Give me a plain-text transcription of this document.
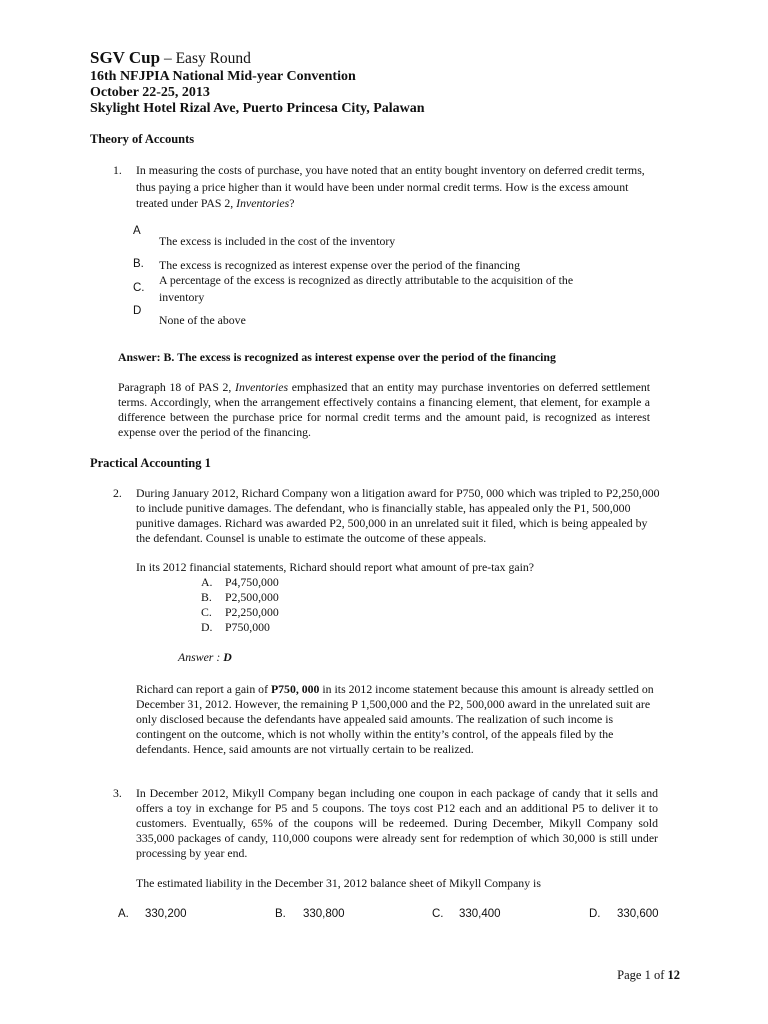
SGV Cup – Easy Round
16th NFJPIA National Mid-year Convention
October 22-25, 2013
Skylight Hotel Rizal Ave, Puerto Princesa City, Palawan
Theory of Accounts
1. In measuring the costs of purchase, you have noted that an entity bought inventory on deferred credit terms,
thus paying a price higher than it would have been under normal credit terms. How is the excess amount
treated under PAS 2, Inventories?
A
The excess is included in the cost of the inventory
B. The excess is recognized as interest expense over the period of the financing
C.
A percentage of the excess is recognized as directly attributable to the acquisition of the
inventory
D
None of the above
Answer: B. The excess is recognized as interest expense over the period of the financing
Paragraph 18 of PAS 2, Inventories emphasized that an entity may purchase inventories on deferred settlement terms. Accordingly, when the arrangement effectively contains a financing element, that element, for example a difference between the purchase price for normal credit terms and the amount paid, is recognized as interest expense over the period of the financing.
Practical Accounting 1
2. During January 2012, Richard Company won a litigation award for P750, 000 which was tripled to P2,250,000 to include punitive damages. The defendant, who is financially stable, has appealed only the P1, 500,000 punitive damages. Richard was awarded P2, 500,000 in an unrelated suit it filed, which is being appealed by the defendant. Counsel is unable to estimate the outcome of these appeals.
In its 2012 financial statements, Richard should report what amount of pre-tax gain?
A. P4,750,000
B. P2,500,000
C. P2,250,000
D. P750,000
Answer : D
Richard can report a gain of P750, 000 in its 2012 income statement because this amount is already settled on December 31, 2012. However, the remaining P 1,500,000 and the P2, 500,000 award in the unrelated suit are only disclosed because the defendants have appealed said amounts. The realization of such income is contingent on the outcome, which is not wholly within the entity’s control, of the appeals filed by the defendants. Hence, said amounts are not virtually certain to be realized.
3. In December 2012, Mikyll Company began including one coupon in each package of candy that it sells and offers a toy in exchange for P5 and 5 coupons. The toys cost P12 each and an additional P5 to deliver it to customers. Eventually, 65% of the coupons will be redeemed. During December, Mikyll Company sold 335,000 packages of candy, 110,000 coupons were already sent for redemption of which 30,000 is still under processing by year end.
The estimated liability in the December 31, 2012 balance sheet of Mikyll Company is
A. 330,200	B. 330,800	C. 330,400	D. 330,600
Page 1 of 12
